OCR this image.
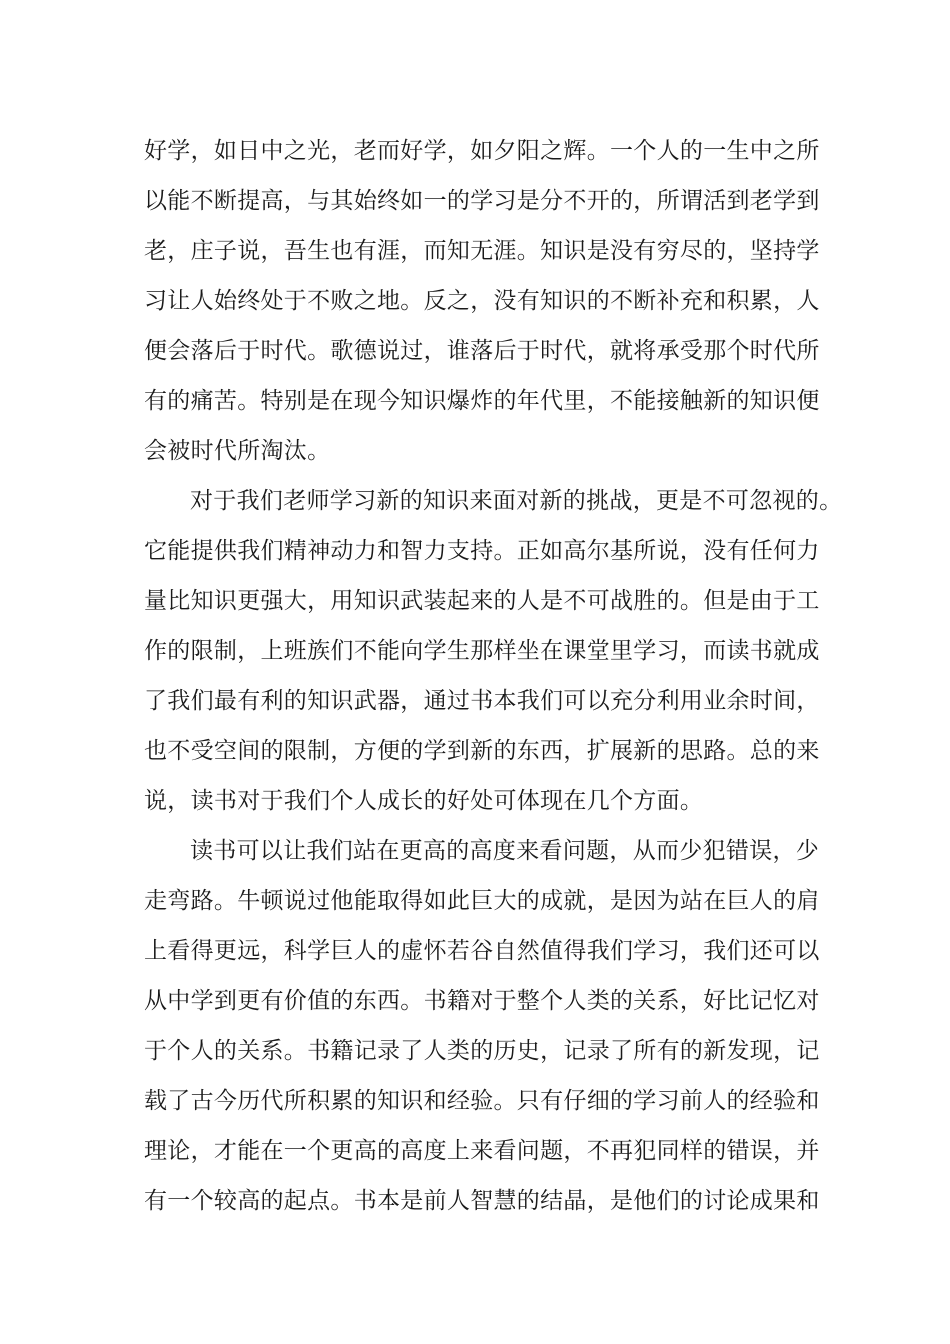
好学，如日中之光，老而好学，如夕阳之辉。一个人的一生中之所
以能不断提高，与其始终如一的学习是分不开的，所谓活到老学到
老，庄子说，吾生也有涯，而知无涯。知识是没有穷尽的，坚持学
习让人始终处于不败之地。反之，没有知识的不断补充和积累，人
便会落后于时代。歌德说过，谁落后于时代，就将承受那个时代所
有的痛苦。特别是在现今知识爆炸的年代里，不能接触新的知识便
会被时代所淘汰。
对于我们老师学习新的知识来面对新的挑战，更是不可忽视的。
它能提供我们精神动力和智力支持。正如高尔基所说，没有任何力
量比知识更强大，用知识武装起来的人是不可战胜的。但是由于工
作的限制，上班族们不能向学生那样坐在课堂里学习，而读书就成
了我们最有利的知识武器，通过书本我们可以充分利用业余时间，
也不受空间的限制，方便的学到新的东西，扩展新的思路。总的来
说，读书对于我们个人成长的好处可体现在几个方面。
读书可以让我们站在更高的高度来看问题，从而少犯错误，少
走弯路。牛顿说过他能取得如此巨大的成就，是因为站在巨人的肩
上看得更远，科学巨人的虚怀若谷自然值得我们学习，我们还可以
从中学到更有价值的东西。书籍对于整个人类的关系，好比记忆对
于个人的关系。书籍记录了人类的历史，记录了所有的新发现，记
载了古今历代所积累的知识和经验。只有仔细的学习前人的经验和
理论，才能在一个更高的高度上来看问题，不再犯同样的错误，并
有一个较高的起点。书本是前人智慧的结晶，是他们的讨论成果和
